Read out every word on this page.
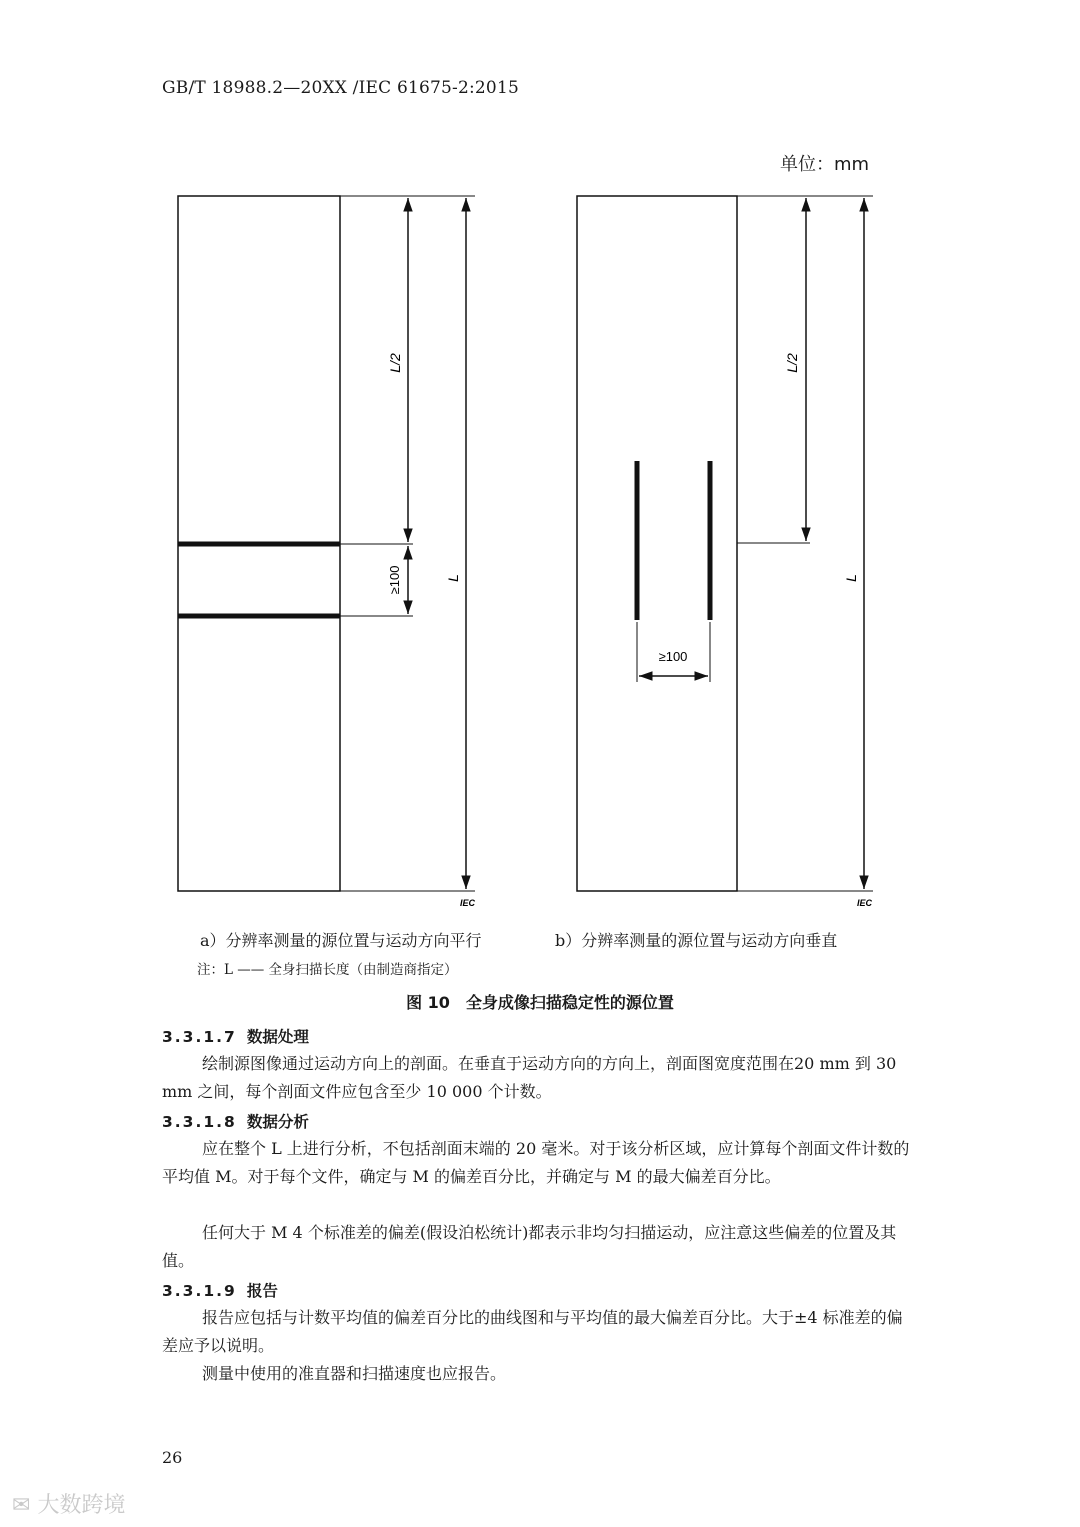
GB/T 18988.2—20XX /IEC 61675-2:2015
单位：mm
L/2
≥100	L
IEC
≥100
L/2
L
IEC
a）分辨率测量的源位置与运动方向平行	b）分辨率测量的源位置与运动方向垂直
注：L —— 全身扫描长度（由制造商指定）
图 10　全身成像扫描稳定性的源位置
3.3.1.7 数据处理
绘制源图像通过运动方向上的剖面。在垂直于运动方向的方向上，剖面图宽度范围在20 mm 到 30 mm 之间，每个剖面文件应包含至少 10 000 个计数。
3.3.1.8 数据分析
应在整个 L 上进行分析，不包括剖面末端的 20 毫米。对于该分析区域，应计算每个剖面文件计数的平均值 M。对于每个文件，确定与 M 的偏差百分比，并确定与 M 的最大偏差百分比。
任何大于 M 4 个标准差的偏差(假设泊松统计)都表示非均匀扫描运动，应注意这些偏差的位置及其值。
3.3.1.9 报告
报告应包括与计数平均值的偏差百分比的曲线图和与平均值的最大偏差百分比。大于±4 标准差的偏差应予以说明。
测量中使用的准直器和扫描速度也应报告。
26
✉ 大数跨境
